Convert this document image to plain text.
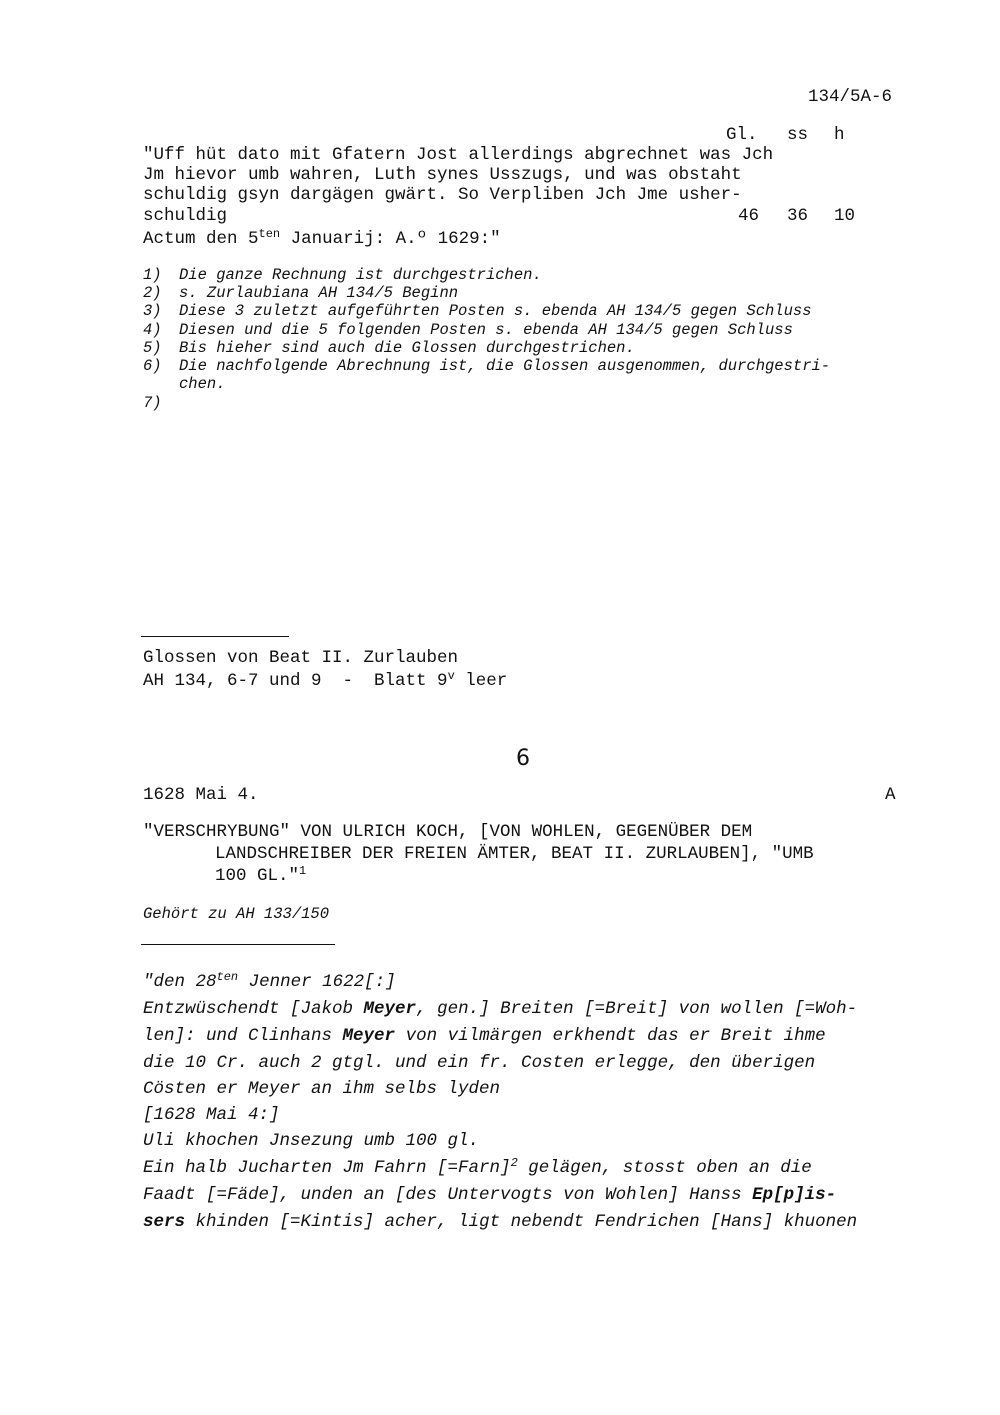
134/5A-6
Gl. ss h
"Uff hüt dato mit Gfatern Jost allerdings abgrechnet was Jch
Jm hievor umb wahren, Luth synes Usszugs, und was obstaht
schuldig gsyn dargägen gwärt. So Verpliben Jch Jme usher-
schuldig	46 36 10
Actum den $5^{ten}$ Januarij: A.º 1629:"
1) Die ganze Rechnung ist durchgestrichen.
2) s. Zurlaubiana AH 134/5 Beginn
3) Diese 3 zuletzt aufgeführten Posten s. ebenda AH 134/5 gegen Schluss
4) Diesen und die 5 folgenden Posten s. ebenda AH 134/5 gegen Schluss
5) Bis hieher sind auch die Glossen durchgestrichen.
6) Die nachfolgende Abrechnung ist, die Glossen ausgenommen, durchgestri-
chen.
7)
Glossen von Beat II. Zurlauben
AH 134, 6-7 und 9  -  Blatt 9$^v$ leer
6
1628 Mai 4.	A
"VERSCHRYBUNG" VON ULRICH KOCH, [VON WOHLEN, GEGENÜBER DEM
LANDSCHREIBER DER FREIEN ÄMTER, BEAT II. ZURLAUBEN], "UMB
100 GL."$^1$
Gehört zu AH 133/150
"den $28^{ten}$ Jenner 1622[:]
Entzwüschendt [Jakob Meyer, gen.] Breiten [=Breit] von wollen [=Woh-
len]: und Clinhans Meyer von vilmärgen erkhendt das er Breit ihme
die 10 Cr. auch 2 gtgl. und ein fr. Costen erlegge, den überigen
Cösten er Meyer an ihm selbs lyden
[1628 Mai 4:]
Uli khochen Jnsezung umb 100 gl.
Ein halb Jucharten Jm Fahrn [=Farn]$^2$ gelägen, stosst oben an die
Faadt [=Fäde], unden an [des Untervogts von Wohlen] Hanss Ep[p]is-
sers khinden [=Kintis] acher, ligt nebendt Fendrichen [Hans] khuonen
